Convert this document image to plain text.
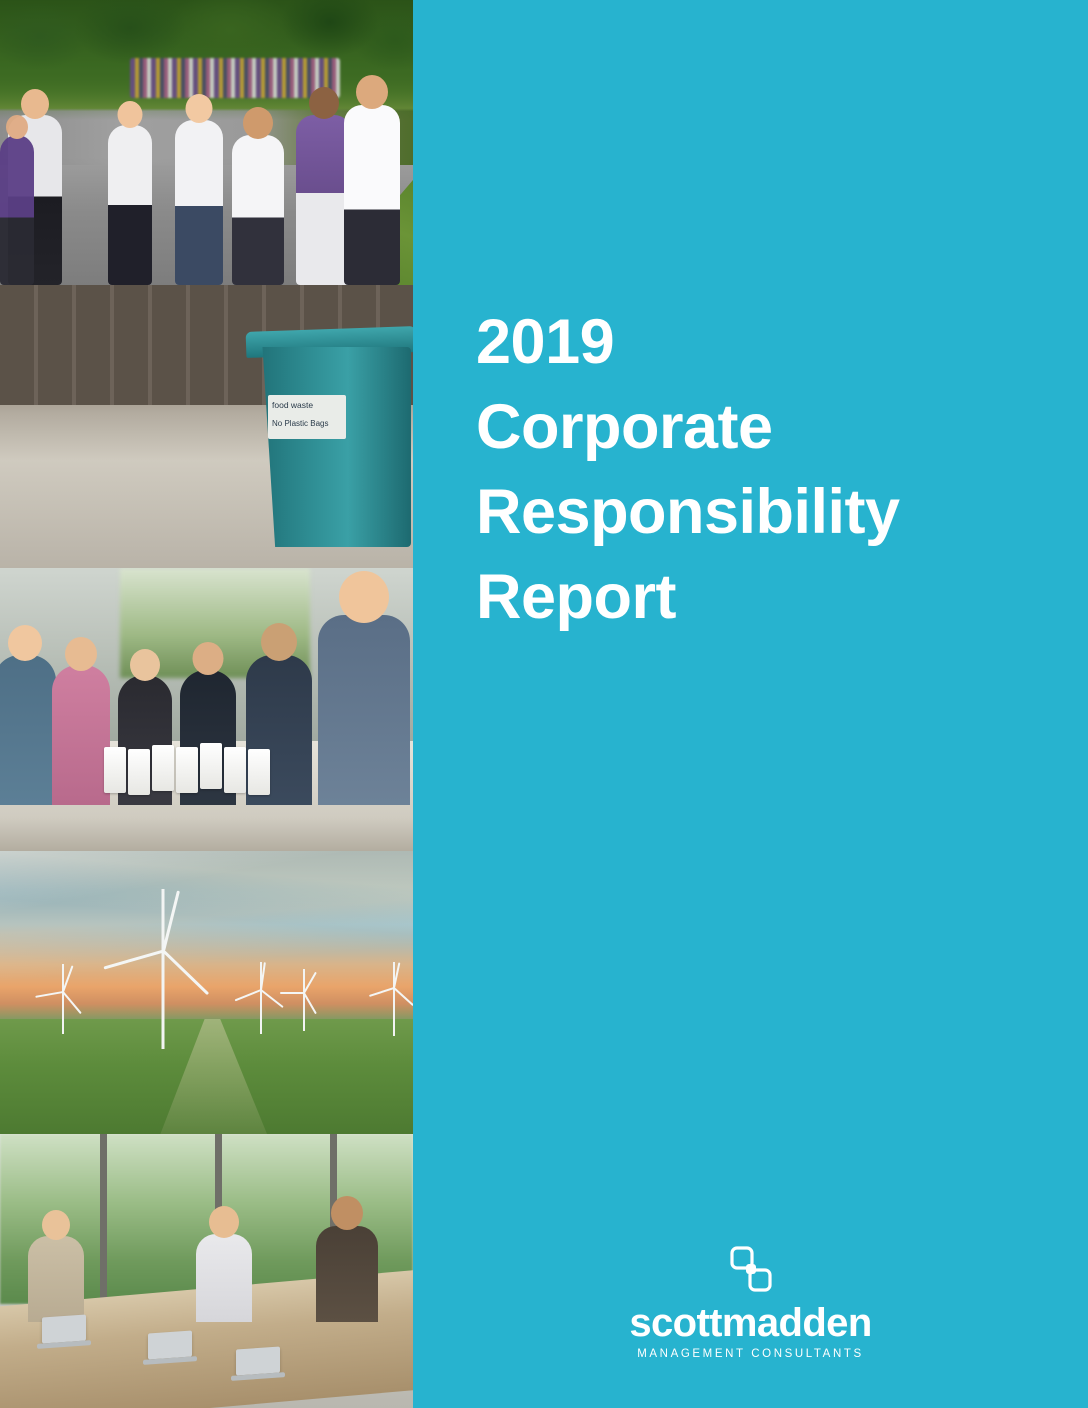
food waste
No Plastic Bags
2019
Corporate
Responsibility
Report
scottmadden
MANAGEMENT CONSULTANTS
